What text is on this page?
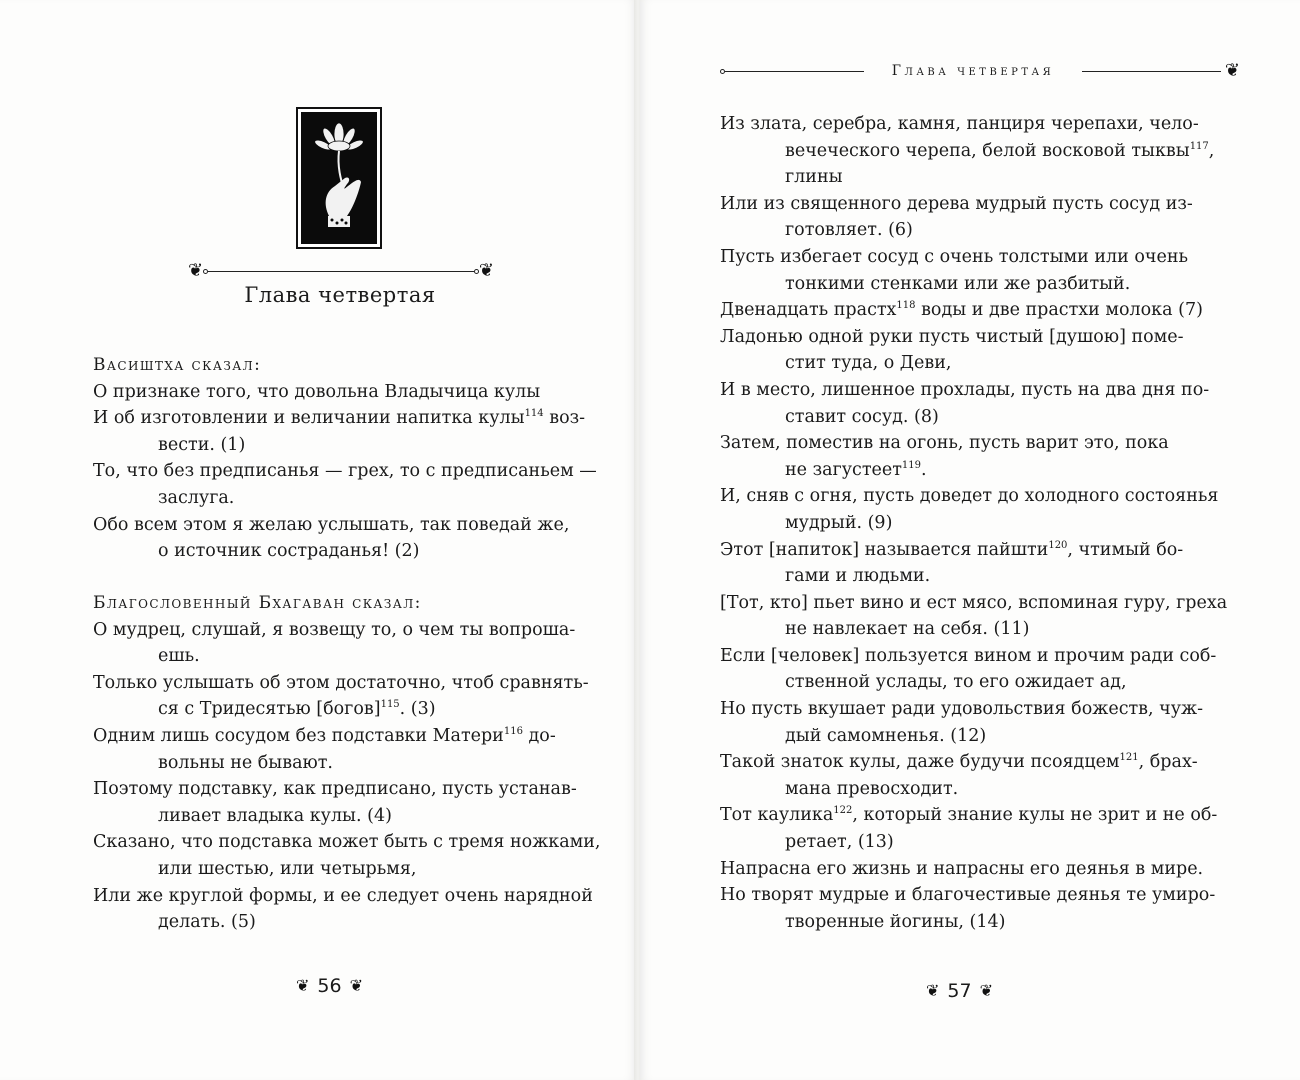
❦	❦
Глава четвертая
Васиштха сказал:

О признаке того, что довольна Владычица кулы

И об изготовлении и величании напитка кулы$^{114}$ воз-
вести. (1)

То, что без предписанья — грех, то с предписаньем —
заслуга.

Обо всем этом я желаю услышать, так поведай же,
о источник состраданья! (2)

Благословенный Бхагаван сказал:

О мудрец, слушай, я возвещу то, о чем ты вопроша-
ешь.

Только услышать об этом достаточно, чтоб сравнять-
ся с Тридесятью [богов]$^{115}$. (3)

Одним лишь сосудом без подставки Матери$^{116}$ до-
вольны не бывают.

Поэтому подставку, как предписано, пусть устанав-
ливает владыка кулы. (4)

Сказано, что подставка может быть с тремя ножками,
или шестью, или четырьмя,

Или же круглой формы, и ее следует очень нарядной
делать. (5)

❦ 56 ❦
Глава четвертая	❦

Из злата, серебра, камня, панциря черепахи, чело-
вечеческого черепа, белой восковой тыквы$^{117}$,
глины

Или из священного дерева мудрый пусть сосуд из-
готовляет. (6)

Пусть избегает сосуд с очень толстыми или очень
тонкими стенками или же разбитый.

Двенадцать прастх$^{118}$ воды и две прастхи молока (7)

Ладонью одной руки пусть чистый [душою] поме-
стит туда, о Деви,

И в место, лишенное прохлады, пусть на два дня по-
ставит сосуд. (8)

Затем, поместив на огонь, пусть варит это, пока
не загустеет$^{119}$.

И, сняв с огня, пусть доведет до холодного состоянья
мудрый. (9)

Этот [напиток] называется пайшти$^{120}$, чтимый бо-
гами и людьми.

[Тот, кто] пьет вино и ест мясо, вспоминая гуру, греха
не навлекает на себя. (11)

Если [человек] пользуется вином и прочим ради соб-
ственной услады, то его ожидает ад,

Но пусть вкушает ради удовольствия божеств, чуж-
дый самомненья. (12)

Такой знаток кулы, даже будучи псоядцем$^{121}$, брах-
мана превосходит.

Тот каулика$^{122}$, который знание кулы не зрит и не об-
ретает, (13)

Напрасна его жизнь и напрасны его деянья в мире.

Но творят мудрые и благочестивые деянья те умиро-
творенные йогины, (14)

❦ 57 ❦
